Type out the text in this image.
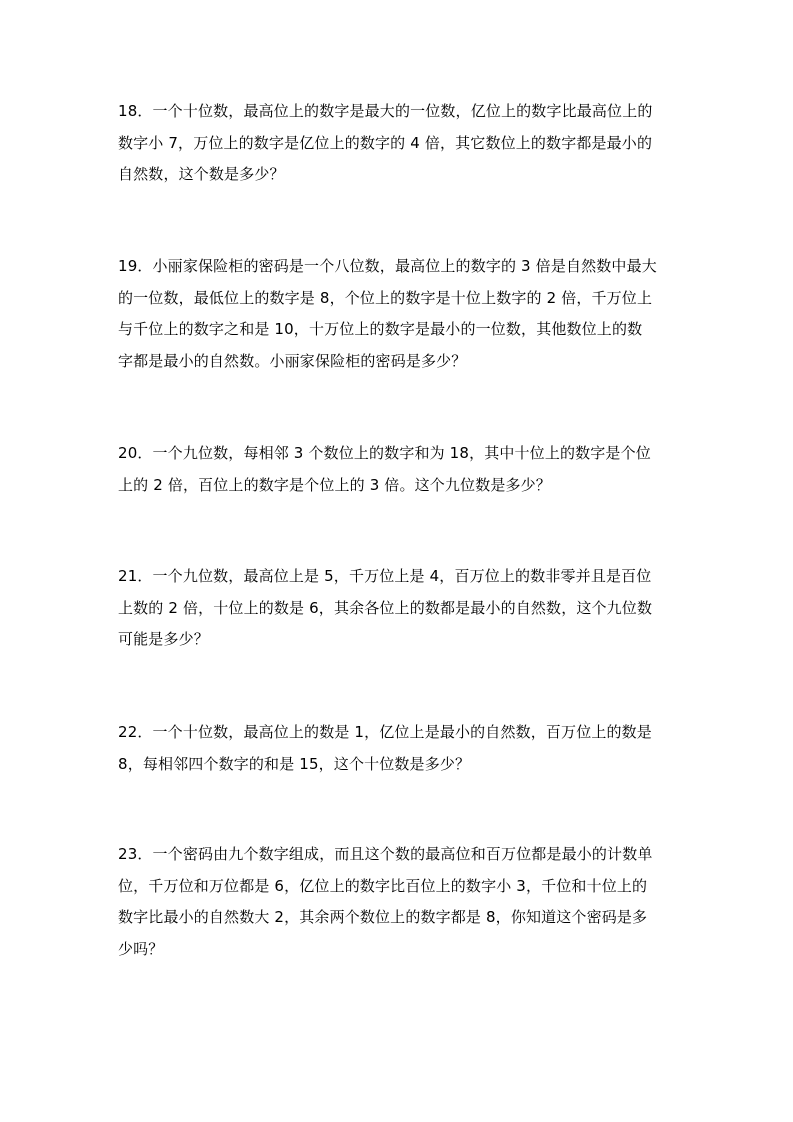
18．一个十位数，最高位上的数字是最大的一位数，亿位上的数字比最高位上的
数字小 7，万位上的数字是亿位上的数字的 4 倍，其它数位上的数字都是最小的
自然数，这个数是多少？
19．小丽家保险柜的密码是一个八位数，最高位上的数字的 3 倍是自然数中最大
的一位数，最低位上的数字是 8，个位上的数字是十位上数字的 2 倍，千万位上
与千位上的数字之和是 10，十万位上的数字是最小的一位数，其他数位上的数
字都是最小的自然数。小丽家保险柜的密码是多少？
20．一个九位数，每相邻 3 个数位上的数字和为 18，其中十位上的数字是个位
上的 2 倍，百位上的数字是个位上的 3 倍。这个九位数是多少？
21．一个九位数，最高位上是 5，千万位上是 4，百万位上的数非零并且是百位
上数的 2 倍，十位上的数是 6，其余各位上的数都是最小的自然数，这个九位数
可能是多少？
22．一个十位数，最高位上的数是 1，亿位上是最小的自然数，百万位上的数是
8，每相邻四个数字的和是 15，这个十位数是多少？
23．一个密码由九个数字组成，而且这个数的最高位和百万位都是最小的计数单
位，千万位和万位都是 6，亿位上的数字比百位上的数字小 3，千位和十位上的
数字比最小的自然数大 2，其余两个数位上的数字都是 8，你知道这个密码是多
少吗？
